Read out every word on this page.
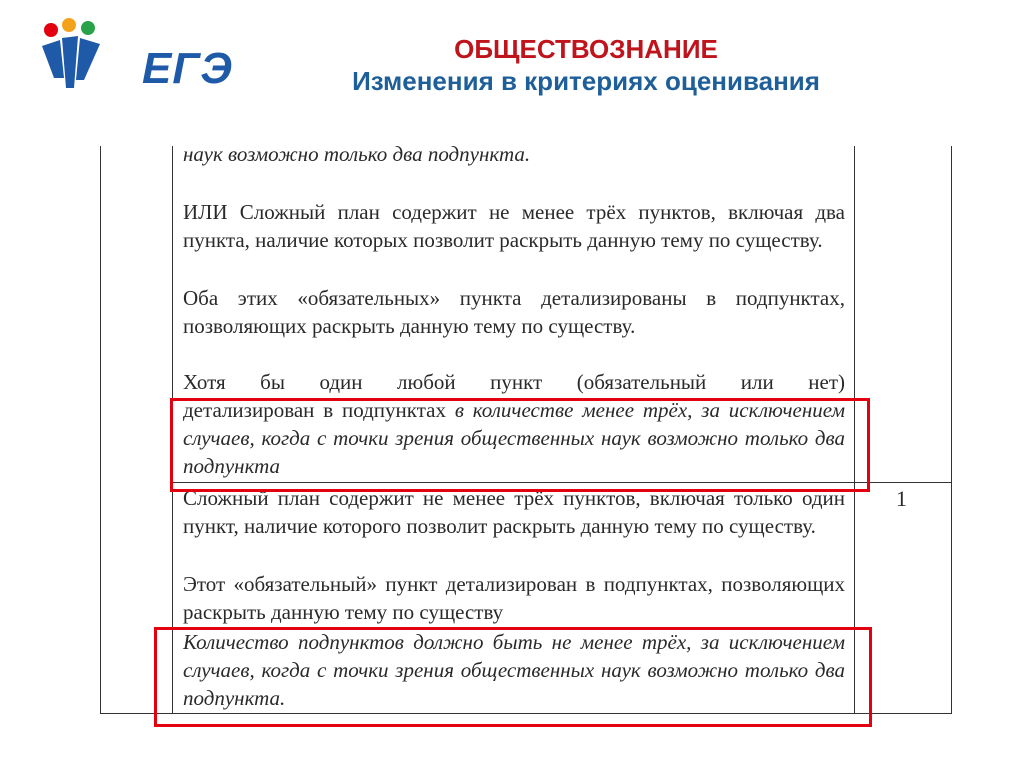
ЕГЭ	ОБЩЕСТВОЗНАНИЕ
Изменения в критериях оценивания

наук возможно только два подпункта.

ИЛИ Сложный план содержит не менее трёх пунктов, включая два пункта, наличие которых позволит раскрыть данную тему по существу.

Оба этих «обязательных» пункта детализированы в подпунктах, позволяющих раскрыть данную тему по существу.

Хотя бы один любой пункт (обязательный или нет)

детализирован в подпунктах в количестве менее трёх, за исключением случаев, когда с точки зрения общественных наук возможно только два подпункта

Сложный план содержит не менее трёх пунктов, включая только один пункт, наличие которого позволит раскрыть данную тему по существу.

Этот «обязательный» пункт детализирован в подпунктах, позволяющих раскрыть данную тему по существу

Количество подпунктов должно быть не менее трёх, за исключением случаев, когда с точки зрения общественных наук возможно только два подпункта.

1
